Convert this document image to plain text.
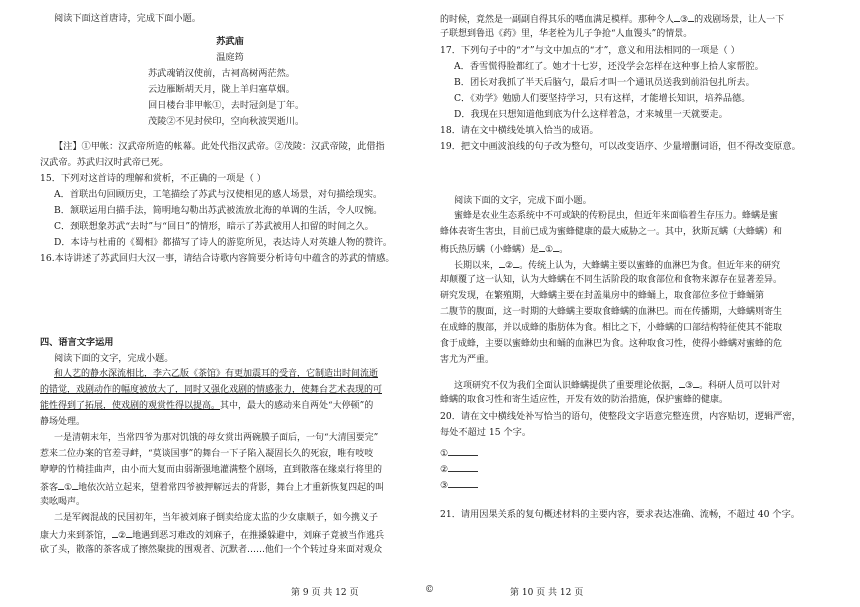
阅读下面这首唐诗，完成下面小题。
苏武庙
温庭筠
苏武魂销汉使前，古祠高树两茫然。
云边雁断胡天月，陇上羊归塞草烟。
回日楼台非甲帐①，去时冠剑是丁年。
茂陵②不见封侯印，空向秋波哭逝川。
【注】①甲帐：汉武帝所造的帐幕。此处代指汉武帝。②茂陵：汉武帝陵，此借指
汉武帝。苏武归汉时武帝已死。
15．下列对这首诗的理解和赏析，不正确的一项是（ ）
A．首联出句回顾历史，工笔描绘了苏武与汉使相见的感人场景，对句描绘现实。
B．颔联运用白描手法，简明地勾勒出苏武被流放北海的单调的生活，令人叹惋。
C．颈联想象苏武“去时”与“回日”的情形，暗示了苏武被用人扣留的时间之久。
D．本诗与杜甫的《蜀相》都描写了诗人的游览所见，表达诗人对英雄人物的赞许。
16.本诗讲述了苏武回归大汉一事，请结合诗歌内容简要分析诗句中蕴含的苏武的情感。
四、语言文字运用
阅读下面的文字，完成小题。
和人艺的静水深流相比，李六乙版《茶馆》有更加震耳的受音，它制造出时间流逝
的错觉，戏剧动作的幅度被放大了，同时又强化戏剧的情感张力，使舞台艺术表现的可
能性得到了拓展，使戏剧的观赏性得以提高。其中，最大的感动来自两处“大停顿”的
静场处理。
一是清朝末年，当常四爷为那对饥饿的母女赏出两碗膜子面后，一句“大清国要完”
惹来二位办案的官差寻衅，“莫谈国事”的舞台一下子陷入凝固长久的死寂，唯有吱吱
咿咿的竹椅挂曲声，由小而大复而由弱渐强地灌满整个剧场，直到散落在缘桌行将里的
茶客 ① 地依次站立起来，望着常四爷被押解远去的背影，舞台上才重新恢复四起的叫
卖吆喝声。
二是军阀混战的民国初年，当年被刘麻子倒卖给庞太监的少女康顺子，如今携义子
康大力来到茶馆， ② 地遇到恶习难改的刘麻子，在推搡躲避中，刘麻子竟被当作逃兵
砍了头，散落的茶客成了擦然聚拢的围观者、沉默者……他们一个个转过身来面对观众
第 9 页 共 12 页	©
的时候，竟然是一副副自得其乐的嗜血满足模样。那种令人 ③ 的戏剧场景，让人一下
子联想到鲁迅《药》里，华老栓为儿子争抢“人血馒头”的情景。
17．下列句子中的“才”与文中加点的“才”，意义和用法相同的一项是（ ）
A．香雪慌得脸都红了。她才十七岁，还没学会怎样在这种事上拾人家帮腔。
B．团长对我抓了半天后脑勺，最后才叫一个通讯员送我到前沿包扎所去。
C．《劝学》勉励人们要坚持学习，只有这样，才能增长知识，培养品德。
D．我现在只想知道他到底为什么这样着急，才来城里一天就要走。
18．请在文中横线处填入恰当的成语。
19．把文中画波浪线的句子改为整句，可以改变语序、少量增删词语，但不得改变原意。
阅读下面的文字，完成下面小题。
蜜蜂是农业生态系统中不可或缺的传粉昆虫，但近年来面临着生存压力。蜂螨是蜜
蜂体表寄生害虫，目前已成为蜜蜂健康的最大威胁之一。其中，狄斯瓦螨（大蜂螨）和
梅氏热厉螨（小蜂螨）是 ① 。
长期以来， ② 。传统上认为，大蜂螨主要以蜜蜂的血淋巴为食。但近年来的研究
却颠覆了这一认知，认为大蜂螨在不同生活阶段的取食部位和食物来源存在显著差异。
研究发现，在繁殖期，大蜂螨主要在封盖巢房中的蜂蛹上，取食部位多位于蜂蛹第
二腹节的腹面，这一时期的大蜂螨主要取食蜂螨的血淋巴。而在传播期，大蜂螨则寄生
在成蜂的腹部，并以成蜂的脂肪体为食。相比之下，小蜂螨的口部结构特征使其不能取
食于成蜂，主要以蜜蜂幼虫和蛹的血淋巴为食。这种取食习性，使得小蜂螨对蜜蜂的危
害尤为严重。
这项研究不仅为我们全面认识蜂螨提供了重要理论依据， ③ 。科研人员可以针对
蜂螨的取食习性和寄生适应性，开发有效的防治措施，保护蜜蜂的健康。
20．请在文中横线处补写恰当的语句，使整段文字语意完整连贯，内容贴切，逻辑严密，
每处不超过 15 个字。
①
②
③
21．请用因果关系的复句概述材料的主要内容，要求表达准确、流畅，不超过 40 个字。
第 10 页 共 12 页
